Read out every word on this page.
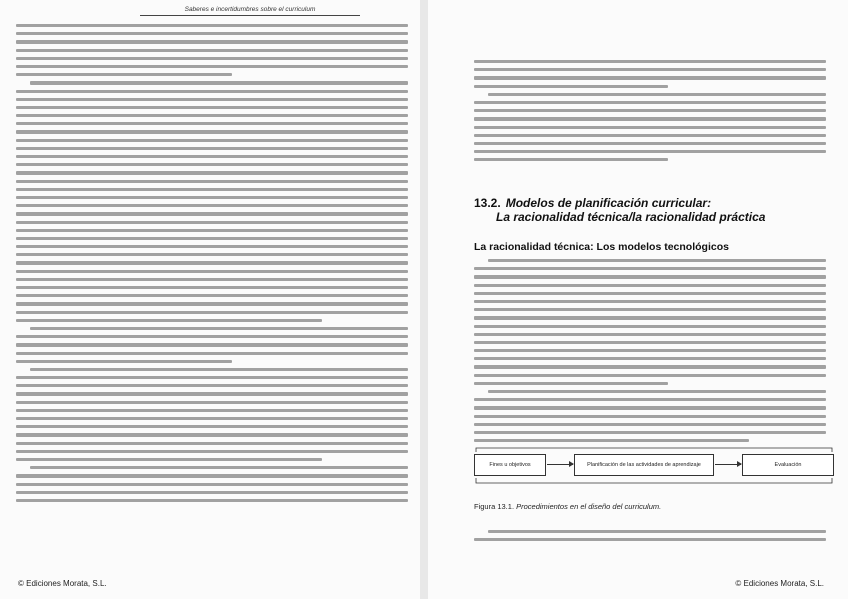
Saberes e incertidumbres sobre el curriculum
© Ediciones Morata, S.L.
13.2. Modelos de planificación curricular:
La racionalidad técnica/la racionalidad práctica
La racionalidad técnica: Los modelos tecnológicos
Fines u objetivos	Planificación de las actividades de aprendizaje	Evaluación
Figura 13.1. Procedimientos en el diseño del curriculum.
© Ediciones Morata, S.L.
